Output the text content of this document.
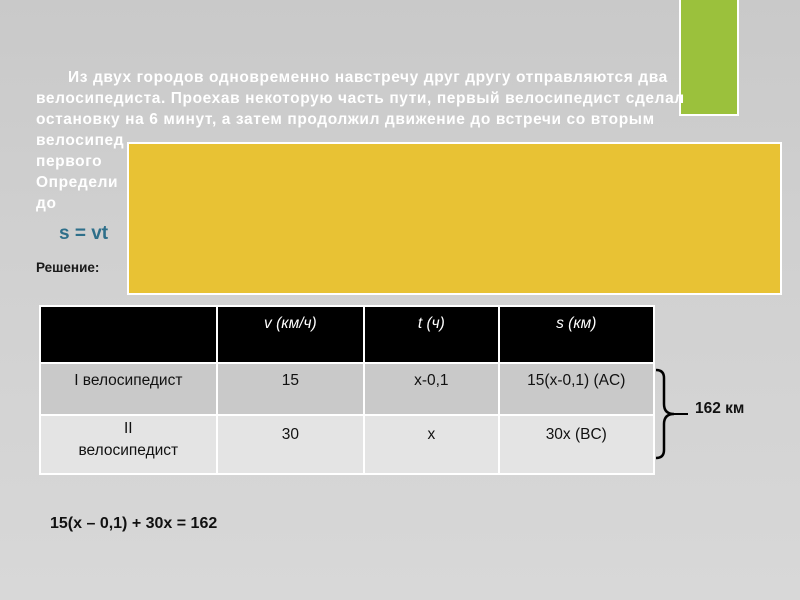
Из двух городов одновременно навстречу друг другу отправляются два
велосипедиста. Проехав некоторую часть пути, первый велосипедист сделал
остановку на 6 минут, а затем продолжил движение до встречи со вторым
велосипед
первого
Определи
до
s = vt
Решение:
	v (км/ч)	t (ч)	s (км)
I велосипедист	15	x-0,1	15(x-0,1) (AC)
II
велосипедист	30	x	30x (BC)
162 км
15(x – 0,1) + 30x = 162
